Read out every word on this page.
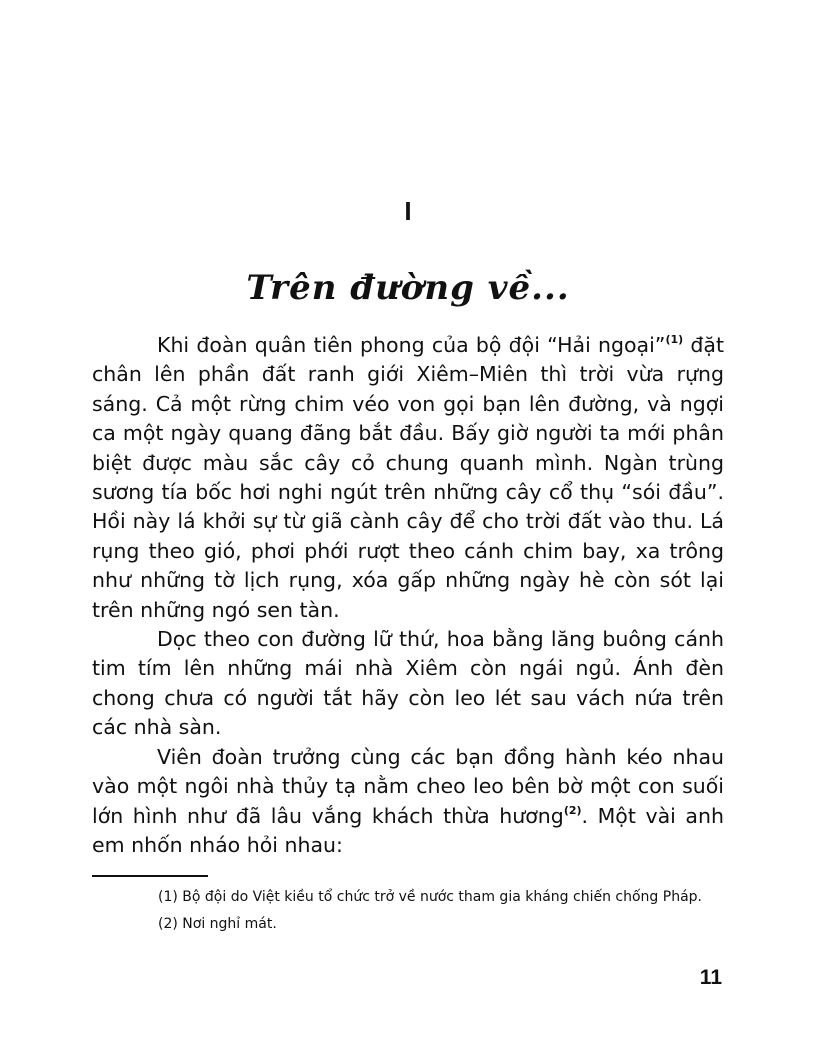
I
Trên đường về...

Khi đoàn quân tiên phong của bộ đội “Hải ngoại”$^{(1)}$ đặt chân lên phần đất ranh giới Xiêm–Miên thì trời vừa rựng sáng. Cả một rừng chim véo von gọi bạn lên đường, và ngợi ca một ngày quang đãng bắt đầu. Bấy giờ người ta mới phân biệt được màu sắc cây cỏ chung quanh mình. Ngàn trùng sương tía bốc hơi nghi ngút trên những cây cổ thụ “sói đầu”. Hồi này lá khởi sự từ giã cành cây để cho trời đất vào thu. Lá rụng theo gió, phơi phới rượt theo cánh chim bay, xa trông như những tờ lịch rụng, xóa gấp những ngày hè còn sót lại trên những ngó sen tàn.

Dọc theo con đường lữ thứ, hoa bằng lăng buông cánh tim tím lên những mái nhà Xiêm còn ngái ngủ. Ánh đèn chong chưa có người tắt hãy còn leo lét sau vách nứa trên các nhà sàn.

Viên đoàn trưởng cùng các bạn đồng hành kéo nhau vào một ngôi nhà thủy tạ nằm cheo leo bên bờ một con suối lớn hình như đã lâu vắng khách thừa hương$^{(2)}$. Một vài anh em nhốn nháo hỏi nhau:

(1) Bộ đội do Việt kiều tổ chức trở về nước tham gia kháng chiến chống Pháp.

(2) Nơi nghỉ mát.

11
